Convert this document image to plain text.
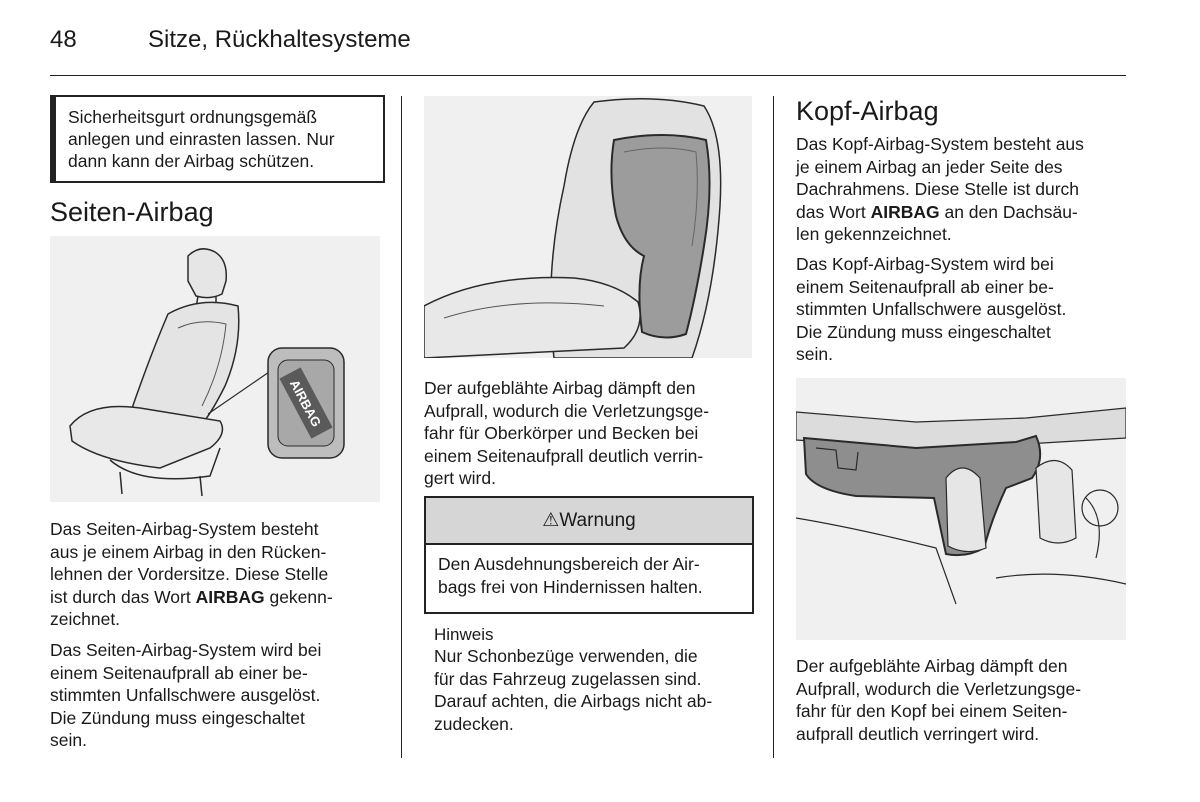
48	Sitze, Rückhaltesysteme
Sicherheitsgurt ordnungsgemäß anlegen und einrasten lassen. Nur dann kann der Airbag schützen.
Seiten-Airbag
AIRBAG

Das Seiten-Airbag-System besteht

aus je einem Airbag in den Rücken-

lehnen der Vordersitze. Diese Stelle

ist durch das Wort AIRBAG gekenn-

zeichnet.

Das Seiten-Airbag-System wird bei

einem Seitenaufprall ab einer be-

stimmten Unfallschwere ausgelöst.

Die Zündung muss eingeschaltet

sein.

Der aufgeblähte Airbag dämpft den

Aufprall, wodurch die Verletzungsge-

fahr für Oberkörper und Becken bei

einem Seitenaufprall deutlich verrin-

gert wird.

⚠Warnung

Den Ausdehnungsbereich der Air-

bags frei von Hindernissen halten.

Hinweis

Nur Schonbezüge verwenden, die

für das Fahrzeug zugelassen sind.

Darauf achten, die Airbags nicht ab-

zudecken.

Kopf-Airbag

Das Kopf-Airbag-System besteht aus

je einem Airbag an jeder Seite des

Dachrahmens. Diese Stelle ist durch

das Wort AIRBAG an den Dachsäu-

len gekennzeichnet.

Das Kopf-Airbag-System wird bei

einem Seitenaufprall ab einer be-

stimmten Unfallschwere ausgelöst.

Die Zündung muss eingeschaltet

sein.

Der aufgeblähte Airbag dämpft den

Aufprall, wodurch die Verletzungsge-

fahr für den Kopf bei einem Seiten-

aufprall deutlich verringert wird.
